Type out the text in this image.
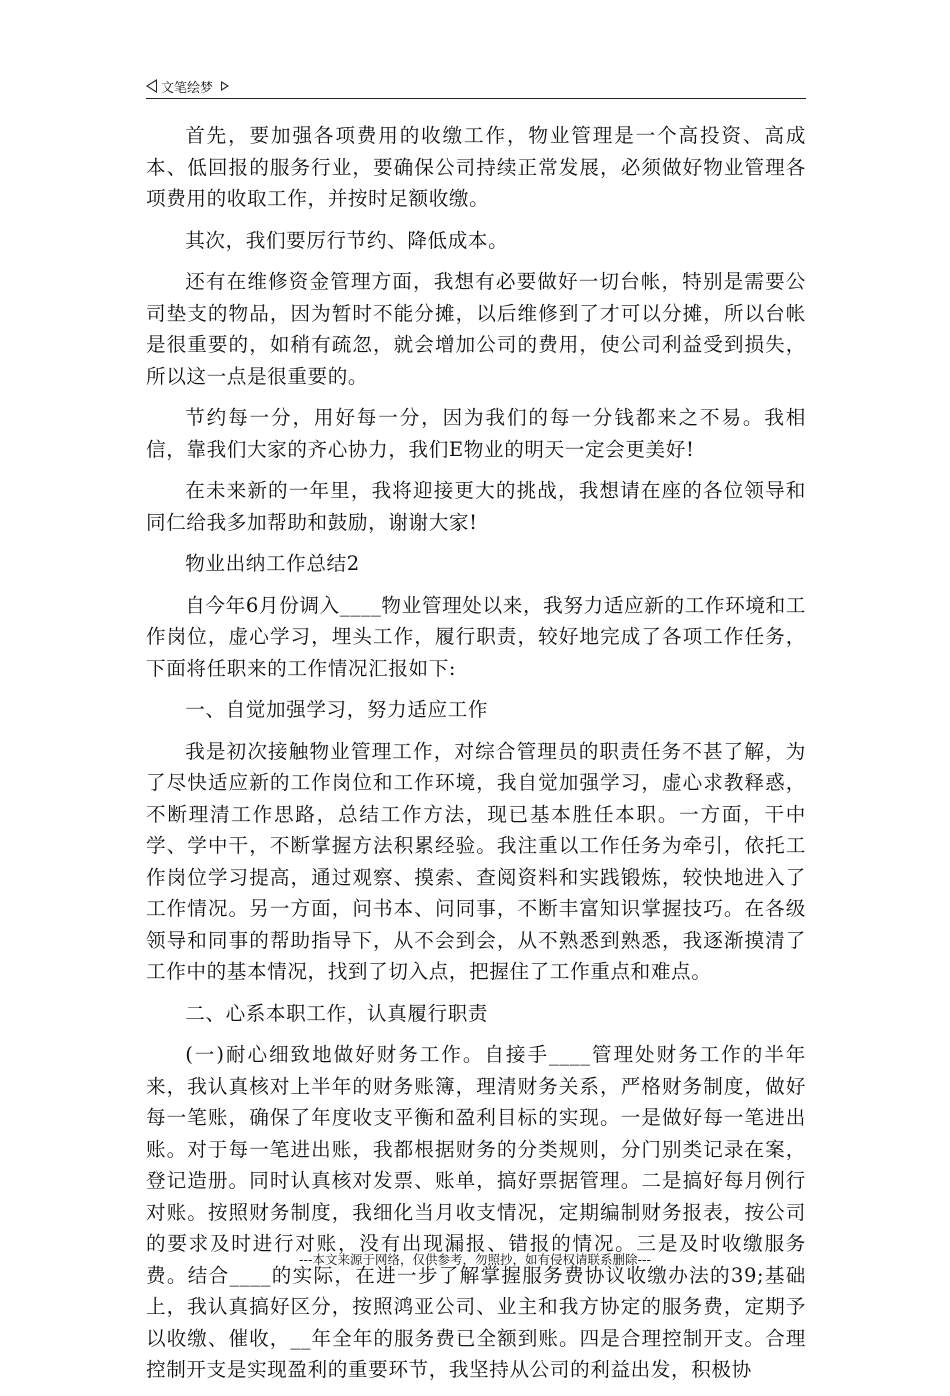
文笔绘梦

首先，要加强各项费用的收缴工作，物业管理是一个高投资、高成本、低回报的服务行业，要确保公司持续正常发展，必须做好物业管理各项费用的收取工作，并按时足额收缴。

其次，我们要厉行节约、降低成本。

还有在维修资金管理方面，我想有必要做好一切台帐，特别是需要公司垫支的物品，因为暂时不能分摊，以后维修到了才可以分摊，所以台帐是很重要的，如稍有疏忽，就会增加公司的费用，使公司利益受到损失，所以这一点是很重要的。

节约每一分，用好每一分，因为我们的每一分钱都来之不易。我相信，靠我们大家的齐心协力，我们E物业的明天一定会更美好!

在未来新的一年里，我将迎接更大的挑战，我想请在座的各位领导和同仁给我多加帮助和鼓励，谢谢大家!

物业出纳工作总结2

自今年6月份调入____物业管理处以来，我努力适应新的工作环境和工作岗位，虚心学习，埋头工作，履行职责，较好地完成了各项工作任务，下面将任职来的工作情况汇报如下:

一、自觉加强学习，努力适应工作

我是初次接触物业管理工作，对综合管理员的职责任务不甚了解，为了尽快适应新的工作岗位和工作环境，我自觉加强学习，虚心求教释惑，不断理清工作思路，总结工作方法，现已基本胜任本职。一方面，干中学、学中干，不断掌握方法积累经验。我注重以工作任务为牵引，依托工作岗位学习提高，通过观察、摸索、查阅资料和实践锻炼，较快地进入了工作情况。另一方面，问书本、问同事，不断丰富知识掌握技巧。在各级领导和同事的帮助指导下，从不会到会，从不熟悉到熟悉，我逐渐摸清了工作中的基本情况，找到了切入点，把握住了工作重点和难点。

二、心系本职工作，认真履行职责

(一)耐心细致地做好财务工作。自接手____管理处财务工作的半年来，我认真核对上半年的财务账簿，理清财务关系，严格财务制度，做好每一笔账，确保了年度收支平衡和盈利目标的实现。一是做好每一笔进出账。对于每一笔进出账，我都根据财务的分类规则，分门别类记录在案，登记造册。同时认真核对发票、账单，搞好票据管理。二是搞好每月例行对账。按照财务制度，我细化当月收支情况，定期编制财务报表，按公司的要求及时进行对账，没有出现漏报、错报的情况。三是及时收缴服务费。结合____的实际，在进一步了解掌握服务费协议收缴办法的39;基础上，我认真搞好区分，按照鸿亚公司、业主和我方协定的服务费，定期予以收缴、催收，__年全年的服务费已全额到账。四是合理控制开支。合理控制开支是实现盈利的重要环节，我坚持从公司的利益出发，积极协

---本文来源于网络，仅供参考，勿照抄，如有侵权请联系删除---
